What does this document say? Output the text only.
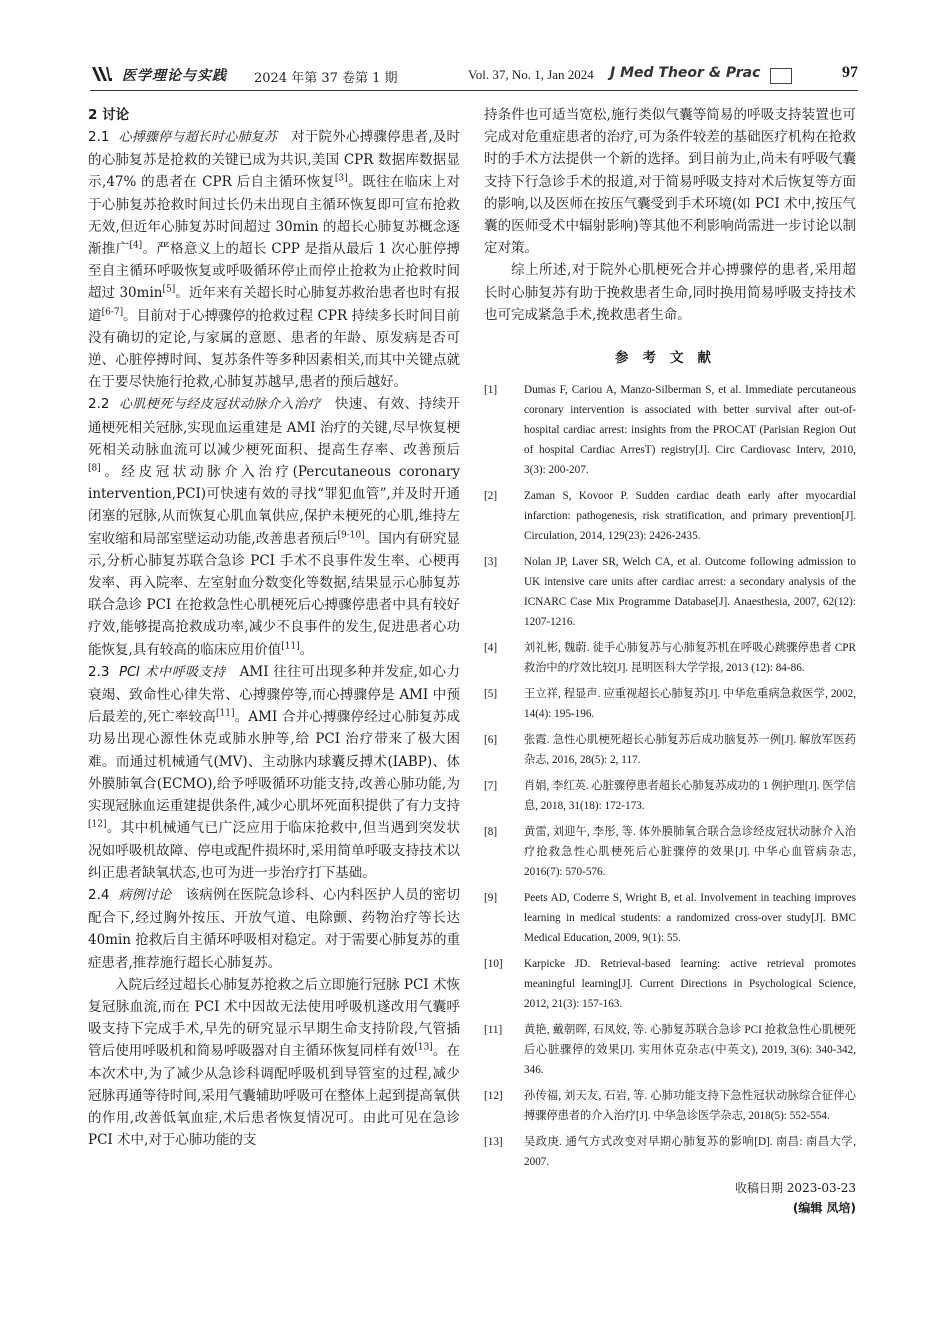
医学理论与实践 2024 年第 37 卷第 1 期	Vol. 37, No. 1, Jan 2024 J Med Theor & Prac	97

2 讨论

2.1 心搏骤停与超长时心肺复苏 对于院外心搏骤停患者,及时的心肺复苏是抢救的关键已成为共识,美国 CPR 数据库数据显示,47% 的患者在 CPR 后自主循环恢复[3]。既往在临床上对于心肺复苏抢救时间过长仍未出现自主循环恢复即可宣布抢救无效,但近年心肺复苏时间超过 30min 的超长心肺复苏概念逐渐推广[4]。严格意义上的超长 CPP 是指从最后 1 次心脏停搏至自主循环呼吸恢复或呼吸循环停止而停止抢救为止抢救时间超过 30min[5]。近年来有关超长时心肺复苏救治患者也时有报道[6-7]。目前对于心搏骤停的抢救过程 CPR 持续多长时间目前没有确切的定论,与家属的意愿、患者的年龄、原发病是否可逆、心脏停搏时间、复苏条件等多种因素相关,而其中关键点就在于要尽快施行抢救,心肺复苏越早,患者的预后越好。

2.2 心肌梗死与经皮冠状动脉介入治疗 快速、有效、持续开通梗死相关冠脉,实现血运重建是 AMI 治疗的关键,尽早恢复梗死相关动脉血流可以减少梗死面积、提高生存率、改善预后[8]。经皮冠状动脉介入治疗(Percutaneous coronary intervention,PCI)可快速有效的寻找“罪犯血管”,并及时开通闭塞的冠脉,从而恢复心肌血氧供应,保护未梗死的心肌,维持左室收缩和局部室壁运动功能,改善患者预后[9-10]。国内有研究显示,分析心肺复苏联合急诊 PCI 手术不良事件发生率、心梗再发率、再入院率、左室射血分数变化等数据,结果显示心肺复苏联合急诊 PCI 在抢救急性心肌梗死后心搏骤停患者中具有较好疗效,能够提高抢救成功率,减少不良事件的发生,促进患者心功能恢复,具有较高的临床应用价值[11]。

2.3 PCI 术中呼吸支持 AMI 往往可出现多种并发症,如心力衰竭、致命性心律失常、心搏骤停等,而心搏骤停是 AMI 中预后最差的,死亡率较高[11]。AMI 合并心搏骤停经过心肺复苏成功易出现心源性休克或肺水肿等,给 PCI 治疗带来了极大困难。而通过机械通气(MV)、主动脉内球囊反搏术(IABP)、体外膜肺氧合(ECMO),给予呼吸循环功能支持,改善心肺功能,为实现冠脉血运重建提供条件,减少心肌坏死面积提供了有力支持[12]。其中机械通气已广泛应用于临床抢救中,但当遇到突发状况如呼吸机故障、停电或配件损坏时,采用简单呼吸支持技术以纠正患者缺氧状态,也可为进一步治疗打下基础。

2.4 病例讨论 该病例在医院急诊科、心内科医护人员的密切配合下,经过胸外按压、开放气道、电除颤、药物治疗等长达 40min 抢救后自主循环呼吸相对稳定。对于需要心肺复苏的重症患者,推荐施行超长心肺复苏。

入院后经过超长心肺复苏抢救之后立即施行冠脉 PCI 术恢复冠脉血流,而在 PCI 术中因故无法使用呼吸机遂改用气囊呼吸支持下完成手术,早先的研究显示早期生命支持阶段,气管插管后使用呼吸机和简易呼吸器对自主循环恢复同样有效[13]。在本次术中,为了减少从急诊科调配呼吸机到导管室的过程,减少冠脉再通等待时间,采用气囊辅助呼吸可在整体上起到提高氧供的作用,改善低氧血症,术后患者恢复情况可。由此可见在急诊 PCI 术中,对于心肺功能的支

持条件也可适当宽松,施行类似气囊等简易的呼吸支持装置也可完成对危重症患者的治疗,可为条件较差的基础医疗机构在抢救时的手术方法提供一个新的选择。到目前为止,尚未有呼吸气囊支持下行急诊手术的报道,对于简易呼吸支持对术后恢复等方面的影响,以及医师在按压气囊受到手术环境(如 PCI 术中,按压气囊的医师受术中辐射影响)等其他不利影响尚需进一步讨论以制定对策。

综上所述,对于院外心肌梗死合并心搏骤停的患者,采用超长时心肺复苏有助于挽救患者生命,同时换用简易呼吸支持技术也可完成紧急手术,挽救患者生命。

参考文献
[1]	Dumas F, Cariou A, Manzo-Silberman S, et al. Immediate percutaneous coronary intervention is associated with better survival after out-of-hospital cardiac arrest: insights from the PROCAT (Parisian Region Out of hospital Cardiac ArresT) registry[J]. Circ Cardiovasc Interv, 2010, 3(3): 200-207.
[2]	Zaman S, Kovoor P. Sudden cardiac death early after myocardial infarction: pathogenesis, risk stratification, and primary prevention[J]. Circulation, 2014, 129(23): 2426-2435.
[3]	Nolan JP, Laver SR, Welch CA, et al. Outcome following admission to UK intensive care units after cardiac arrest: a secondary analysis of the ICNARC Case Mix Programme Database[J]. Anaesthesia, 2007, 62(12): 1207-1216.
[4]	刘礼彬, 魏蔚. 徒手心肺复苏与心肺复苏机在呼吸心跳骤停患者 CPR 救治中的疗效比较[J]. 昆明医科大学学报, 2013 (12): 84-86.
[5]	王立祥, 程显声. 应重视超长心肺复苏[J]. 中华危重病急救医学, 2002, 14(4): 195-196.
[6]	张霞. 急性心肌梗死超长心肺复苏后成功脑复苏一例[J]. 解放军医药杂志, 2016, 28(5): 2, 117.
[7]	肖娟, 李红英. 心脏骤停患者超长心肺复苏成功的 1 例护理[J]. 医学信息, 2018, 31(18): 172-173.
[8]	黄雷, 刘迎午, 李彤, 等. 体外膜肺氧合联合急诊经皮冠状动脉介入治疗抢救急性心肌梗死后心脏骤停的效果[J]. 中华心血管病杂志, 2016(7): 570-576.
[9]	Peets AD, Coderre S, Wright B, et al. Involvement in teaching improves learning in medical students: a randomized cross-over study[J]. BMC Medical Education, 2009, 9(1): 55.
[10]	Karpicke JD. Retrieval-based learning: active retrieval promotes meaningful learning[J]. Current Directions in Psychological Science, 2012, 21(3): 157-163.
[11]	黄艳, 戴朝晖, 石凤姣, 等. 心肺复苏联合急诊 PCI 抢救急性心肌梗死后心脏骤停的效果[J]. 实用休克杂志(中英文), 2019, 3(6): 340-342, 346.
[12]	孙传福, 刘天友, 石岩, 等. 心肺功能支持下急性冠状动脉综合征伴心搏骤停患者的介入治疗[J]. 中华急诊医学杂志, 2018(5): 552-554.
[13]	吴政庚. 通气方式改变对早期心肺复苏的影响[D]. 南昌: 南昌大学, 2007.
收稿日期 2023-03-23
(编辑 凤培)
